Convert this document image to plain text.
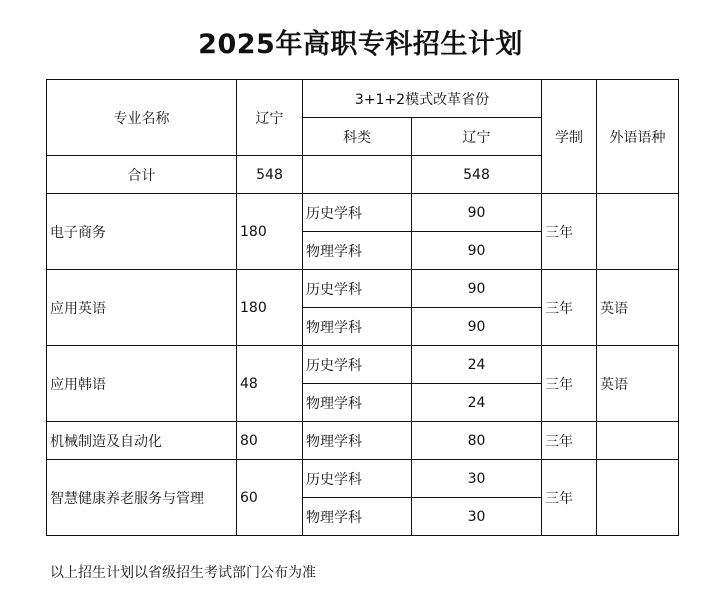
2025年高职专科招生计划
专业名称	辽宁	3+1+2模式改革省份		学制	外语语种
		科类	辽宁		
合计	548		548		
电子商务	180	历史学科	90	三年	
		物理学科	90		
应用英语	180	历史学科	90	三年	英语
		物理学科	90		
应用韩语	48	历史学科	24	三年	英语
		物理学科	24		
机械制造及自动化	80	物理学科	80	三年	
智慧健康养老服务与管理	60	历史学科	30	三年	
		物理学科	30		
以上招生计划以省级招生考试部门公布为准
